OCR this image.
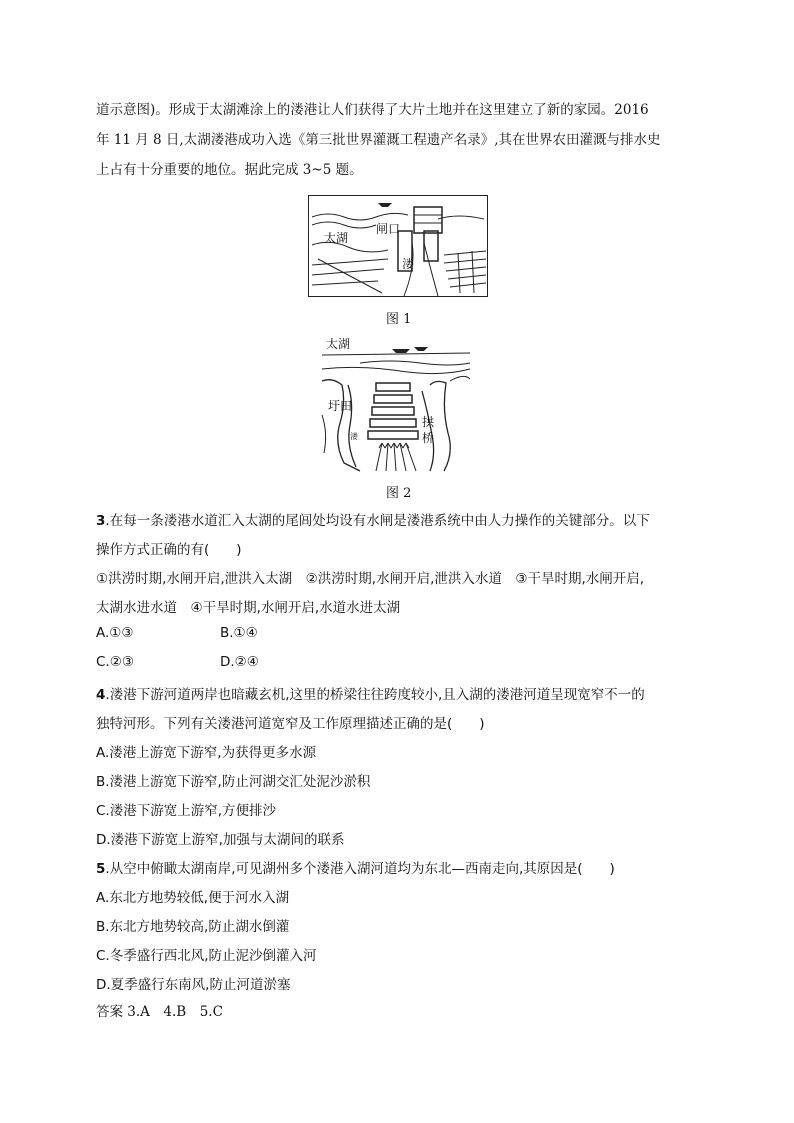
道示意图)。形成于太湖滩涂上的溇港让人们获得了大片土地并在这里建立了新的家园。2016
年 11 月 8 日,太湖溇港成功入选《第三批世界灌溉工程遗产名录》,其在世界农田灌溉与排水史
上占有十分重要的地位。据此完成 3~5 题。
太湖
闸口
溇
图 1
太湖
圩田
溇
拱
桥
图 2
3.在每一条溇港水道汇入太湖的尾闾处均设有水闸是溇港系统中由人力操作的关键部分。以下
操作方式正确的有(　　)
①洪涝时期,水闸开启,泄洪入太湖　②洪涝时期,水闸开启,泄洪入水道　③干旱时期,水闸开启,
太湖水进水道　④干旱时期,水闸开启,水道水进太湖
A.①③	B.①④
C.②③	D.②④
4.溇港下游河道两岸也暗藏玄机,这里的桥梁往往跨度较小,且入湖的溇港河道呈现宽窄不一的
独特河形。下列有关溇港河道宽窄及工作原理描述正确的是(　　)
A.溇港上游宽下游窄,为获得更多水源
B.溇港上游宽下游窄,防止河湖交汇处泥沙淤积
C.溇港下游宽上游窄,方便排沙
D.溇港下游宽上游窄,加强与太湖间的联系
5.从空中俯瞰太湖南岸,可见湖州多个溇港入湖河道均为东北—西南走向,其原因是(　　)
A.东北方地势较低,便于河水入湖
B.东北方地势较高,防止湖水倒灌
C.冬季盛行西北风,防止泥沙倒灌入河
D.夏季盛行东南风,防止河道淤塞
答案 3.A　4.B　5.C
